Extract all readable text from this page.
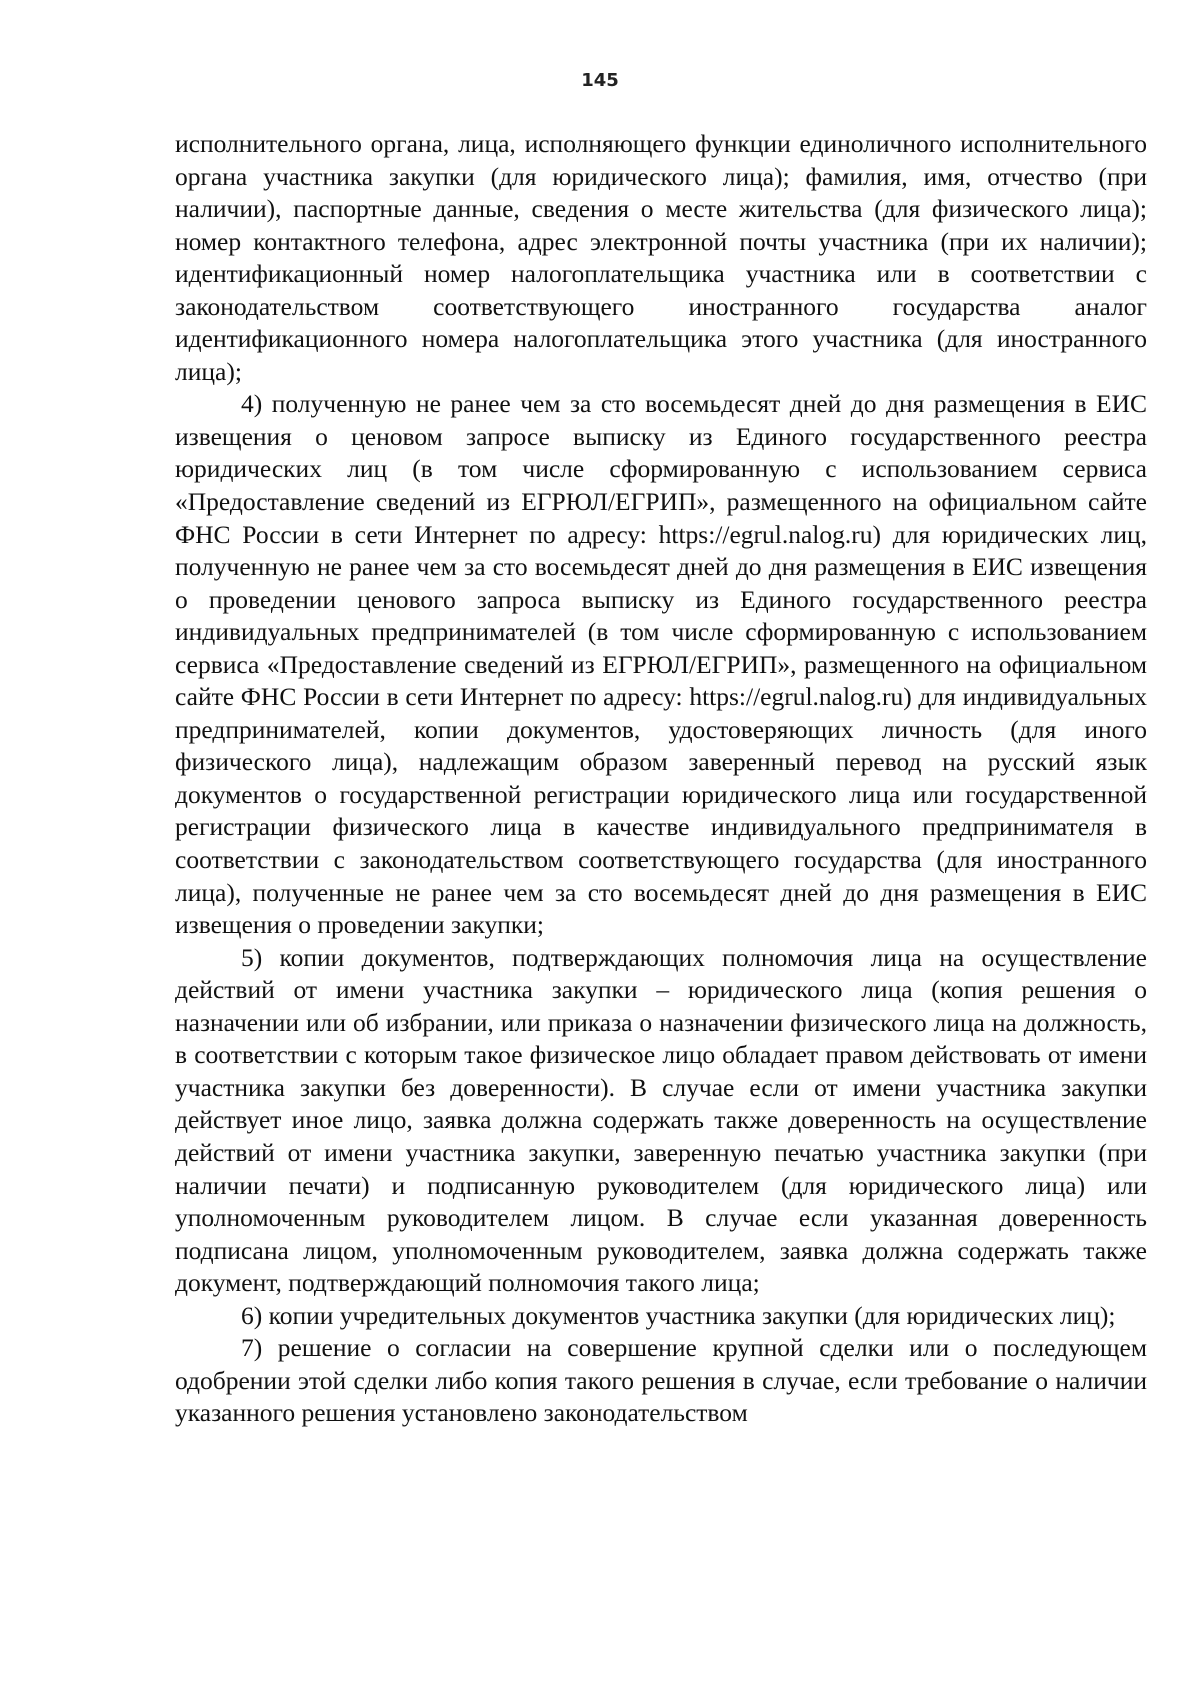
145

исполнительного органа, лица, исполняющего функции единоличного исполнительного органа участника закупки (для юридического лица); фамилия, имя, отчество (при наличии), паспортные данные, сведения о месте жительства (для физического лица); номер контактного телефона, адрес электронной почты участника (при их наличии); идентификационный номер налогоплательщика участника или в соответствии с законодательством соответствующего иностранного государства аналог идентификационного номера налогоплательщика этого участника (для иностранного лица);

4) полученную не ранее чем за сто восемьдесят дней до дня размещения в ЕИС извещения о ценовом запросе выписку из Единого государственного реестра юридических лиц (в том числе сформированную с использованием сервиса «Предоставление сведений из ЕГРЮЛ/ЕГРИП», размещенного на официальном сайте ФНС России в сети Интернет по адресу: https://egrul.nalog.ru) для юридических лиц, полученную не ранее чем за сто восемьдесят дней до дня размещения в ЕИС извещения о проведении ценового запроса выписку из Единого государственного реестра индивидуальных предпринимателей (в том числе сформированную с использованием сервиса «Предоставление сведений из ЕГРЮЛ/ЕГРИП», размещенного на официальном сайте ФНС России в сети Интернет по адресу: https://egrul.nalog.ru) для индивидуальных предпринимателей, копии документов, удостоверяющих личность (для иного физического лица), надлежащим образом заверенный перевод на русский язык документов о государственной регистрации юридического лица или государственной регистрации физического лица в качестве индивидуального предпринимателя в соответствии с законодательством соответствующего государства (для иностранного лица), полученные не ранее чем за сто восемьдесят дней до дня размещения в ЕИС извещения о проведении закупки;

5) копии документов, подтверждающих полномочия лица на осуществление действий от имени участника закупки – юридического лица (копия решения о назначении или об избрании, или приказа о назначении физического лица на должность, в соответствии с которым такое физическое лицо обладает правом действовать от имени участника закупки без доверенности). В случае если от имени участника закупки действует иное лицо, заявка должна содержать также доверенность на осуществление действий от имени участника закупки, заверенную печатью участника закупки (при наличии печати) и подписанную руководителем (для юридического лица) или уполномоченным руководителем лицом. В случае если указанная доверенность подписана лицом, уполномоченным руководителем, заявка должна содержать также документ, подтверждающий полномочия такого лица;

6) копии учредительных документов участника закупки (для юридических лиц);

7) решение о согласии на совершение крупной сделки или о последующем одобрении этой сделки либо копия такого решения в случае, если требование о наличии указанного решения установлено законодательством
